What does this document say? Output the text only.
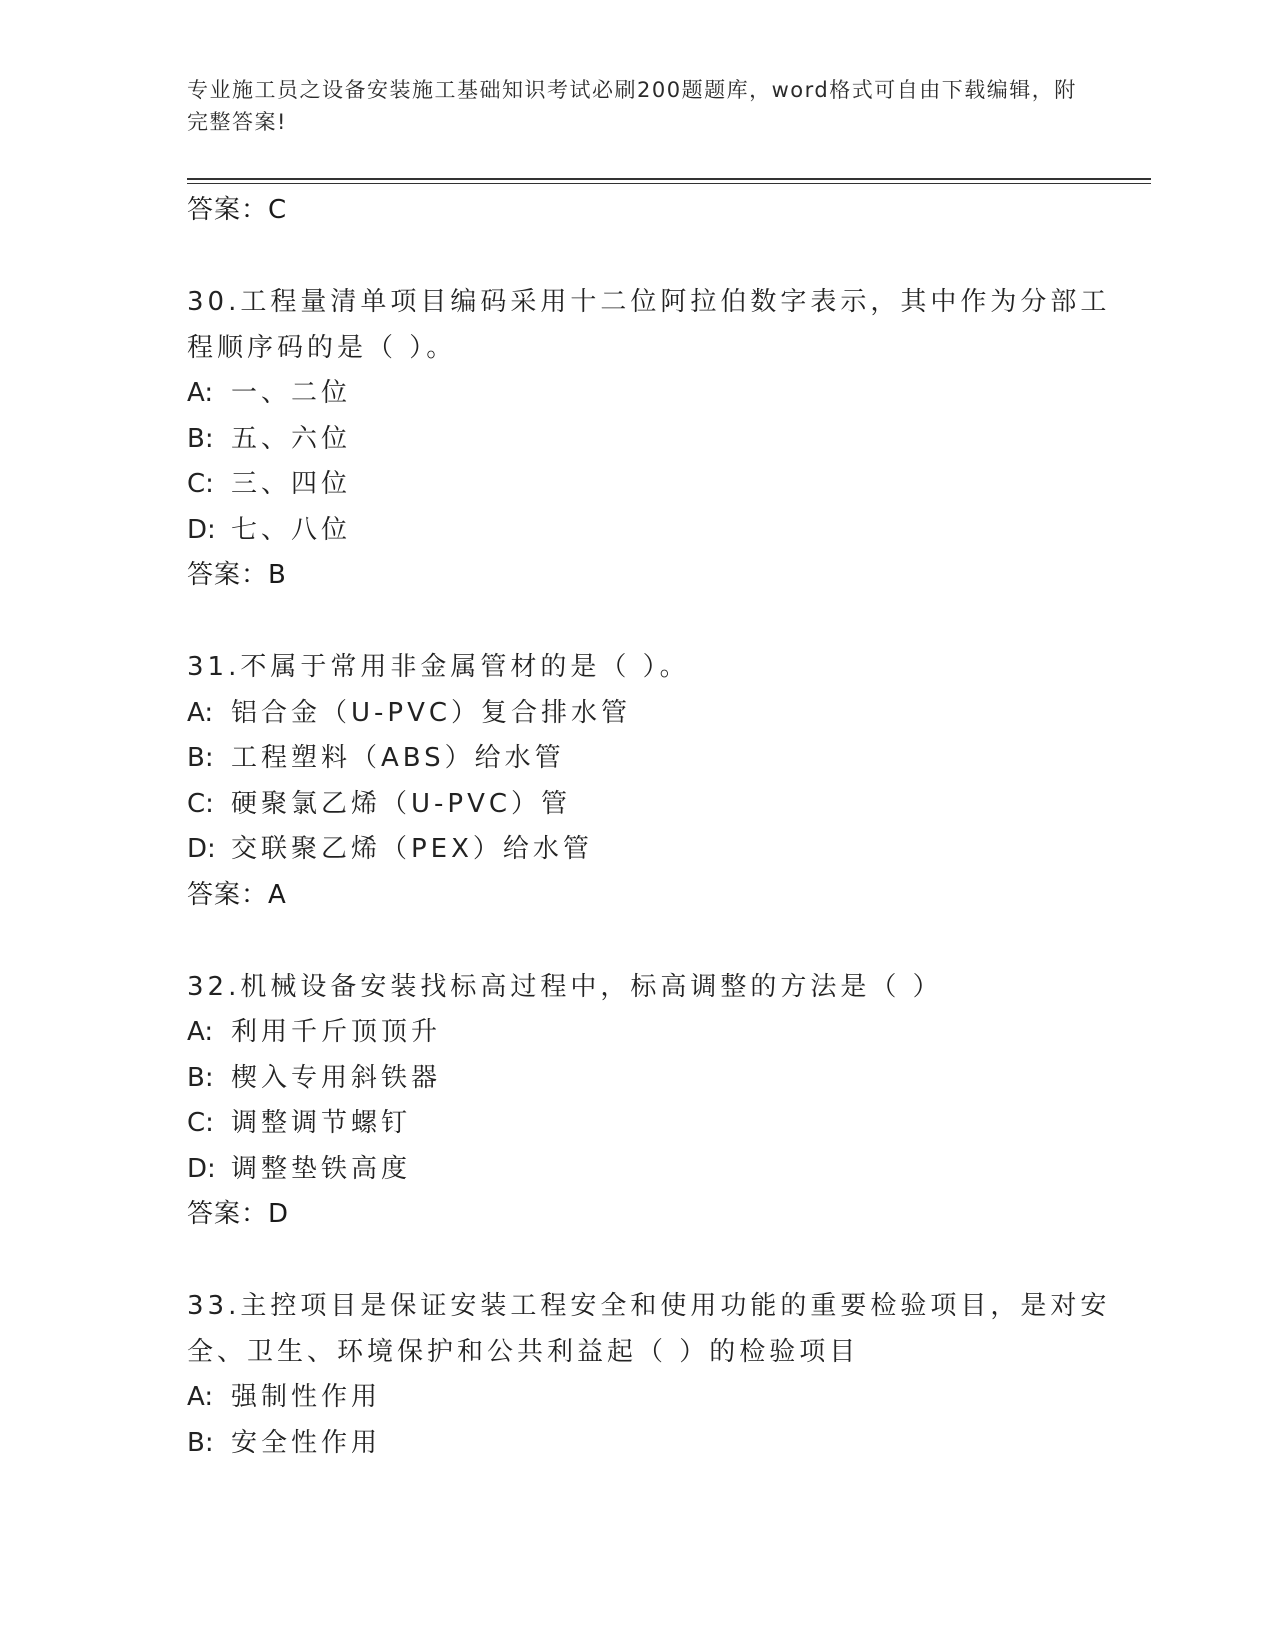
专业施工员之设备安装施工基础知识考试必刷200题题库，word格式可自由下载编辑，附完整答案!
答案：C
30.工程量清单项目编码采用十二位阿拉伯数字表示，其中作为分部工程顺序码的是（ ）。
A: 一、二位
B: 五、六位
C: 三、四位
D: 七、八位
答案：B
31.不属于常用非金属管材的是（ ）。
A: 铝合金（U-PVC）复合排水管
B: 工程塑料（ABS）给水管
C: 硬聚氯乙烯（U-PVC）管
D: 交联聚乙烯（PEX）给水管
答案：A
32.机械设备安装找标高过程中，标高调整的方法是（ ）
A: 利用千斤顶顶升
B: 楔入专用斜铁器
C: 调整调节螺钉
D: 调整垫铁高度
答案：D
33.主控项目是保证安装工程安全和使用功能的重要检验项目，是对安全、卫生、环境保护和公共利益起（ ）的检验项目
A: 强制性作用
B: 安全性作用
